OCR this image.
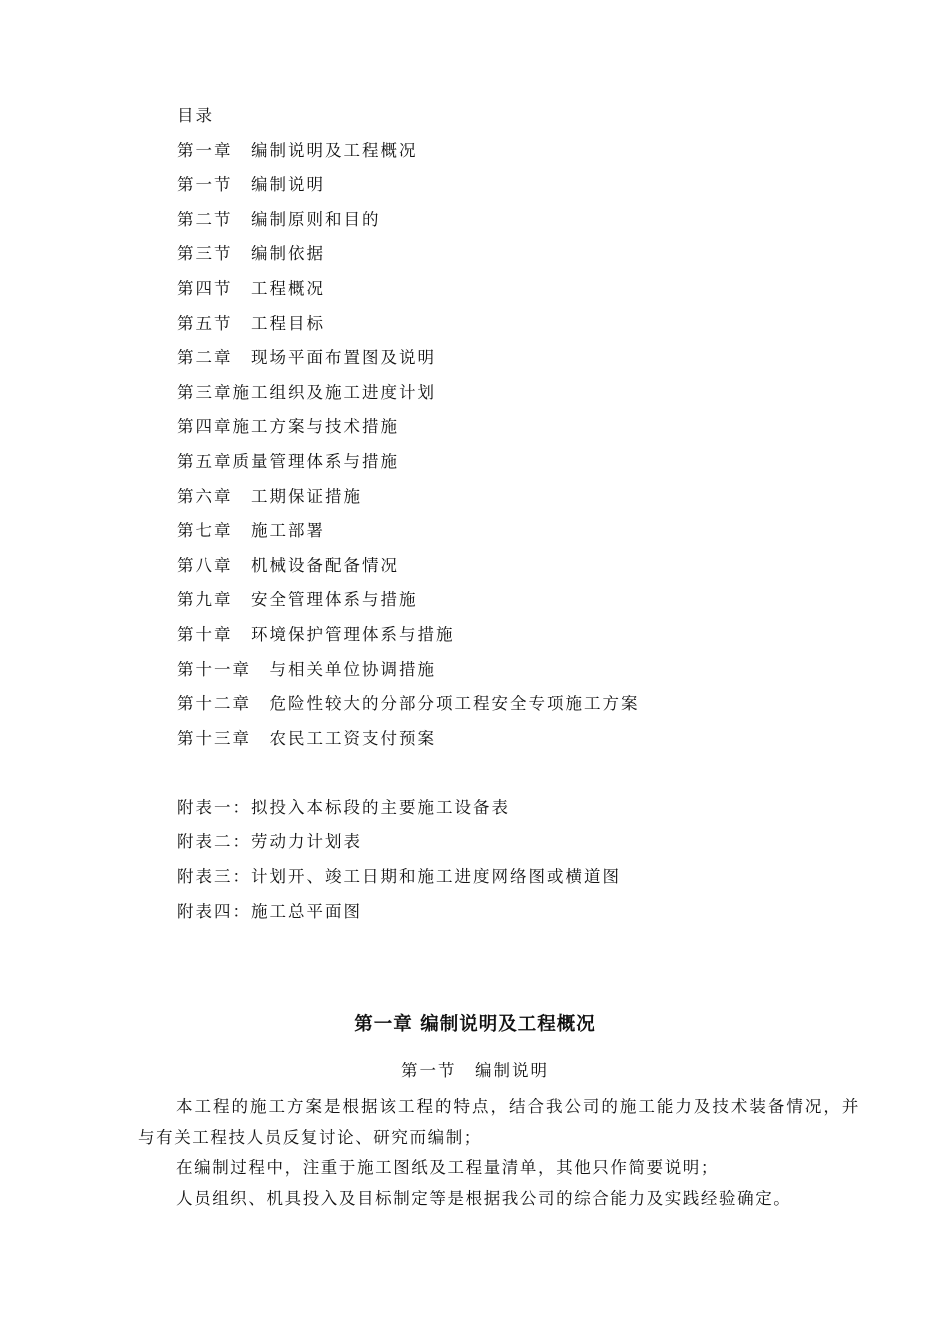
目录
第一章　编制说明及工程概况
第一节　编制说明
第二节　编制原则和目的
第三节　编制依据
第四节　工程概况
第五节　工程目标
第二章　现场平面布置图及说明
第三章施工组织及施工进度计划
第四章施工方案与技术措施
第五章质量管理体系与措施
第六章　工期保证措施
第七章　施工部署
第八章　机械设备配备情况
第九章　安全管理体系与措施
第十章　环境保护管理体系与措施
第十一章　与相关单位协调措施
第十二章　危险性较大的分部分项工程安全专项施工方案
第十三章　农民工工资支付预案
附表一：拟投入本标段的主要施工设备表
附表二：劳动力计划表
附表三：计划开、竣工日期和施工进度网络图或横道图
附表四：施工总平面图
第一章 编制说明及工程概况
第一节　编制说明

本工程的施工方案是根据该工程的特点，结合我公司的施工能力及技术装备情况，并与有关工程技人员反复讨论、研究而编制；

在编制过程中，注重于施工图纸及工程量清单，其他只作简要说明；

人员组织、机具投入及目标制定等是根据我公司的综合能力及实践经验确定。
